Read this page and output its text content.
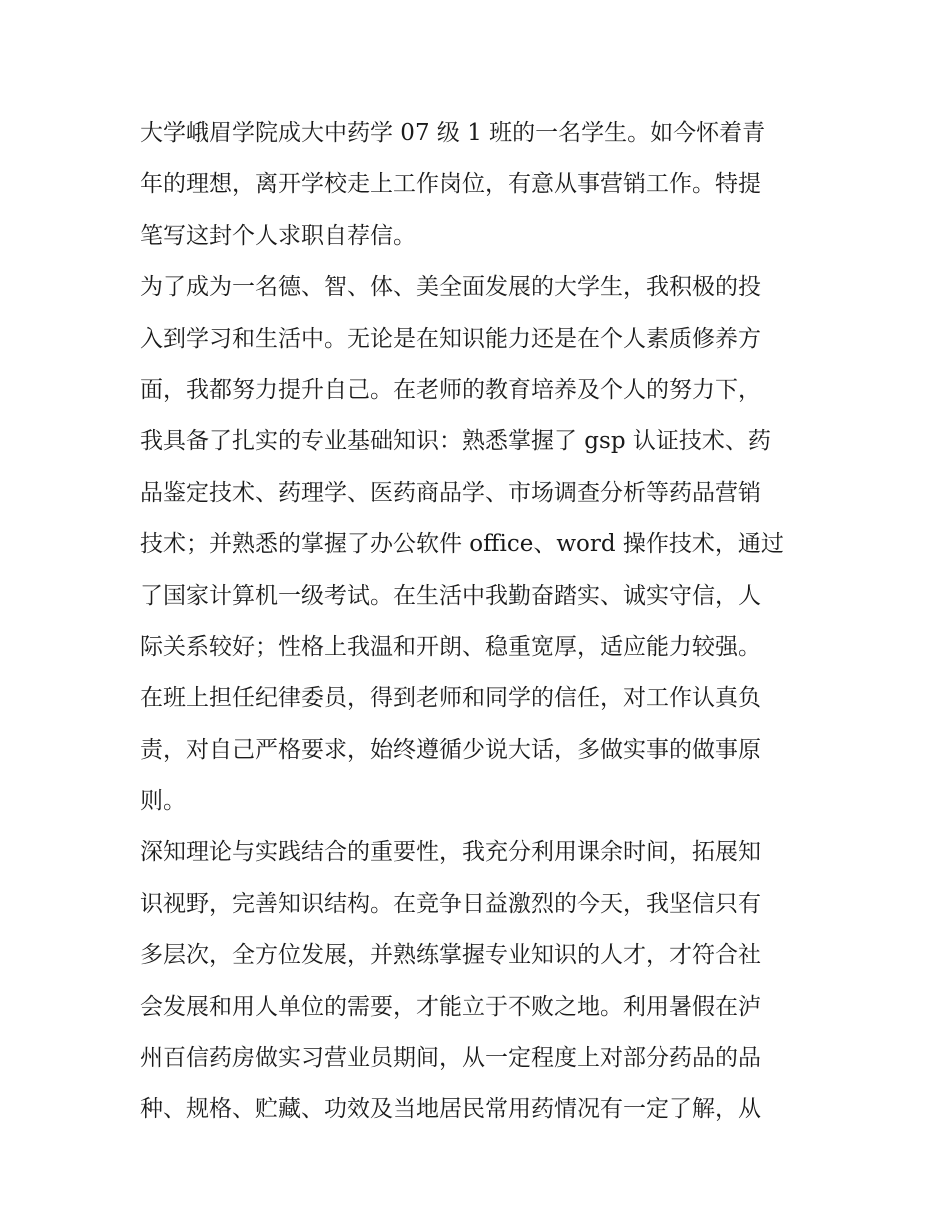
大学峨眉学院成大中药学 07 级 1 班的一名学生。如今怀着青
年的理想，离开学校走上工作岗位，有意从事营销工作。特提
笔写这封个人求职自荐信。
为了成为一名德、智、体、美全面发展的大学生，我积极的投
入到学习和生活中。无论是在知识能力还是在个人素质修养方
面，我都努力提升自己。在老师的教育培养及个人的努力下，
我具备了扎实的专业基础知识：熟悉掌握了 gsp 认证技术、药
品鉴定技术、药理学、医药商品学、市场调查分析等药品营销
技术；并熟悉的掌握了办公软件 office、word 操作技术，通过
了国家计算机一级考试。在生活中我勤奋踏实、诚实守信，人
际关系较好；性格上我温和开朗、稳重宽厚，适应能力较强。
在班上担任纪律委员，得到老师和同学的信任，对工作认真负
责，对自己严格要求，始终遵循少说大话，多做实事的做事原
则。
深知理论与实践结合的重要性，我充分利用课余时间，拓展知
识视野，完善知识结构。在竞争日益激烈的今天，我坚信只有
多层次，全方位发展，并熟练掌握专业知识的人才，才符合社
会发展和用人单位的需要，才能立于不败之地。利用暑假在泸
州百信药房做实习营业员期间，从一定程度上对部分药品的品
种、规格、贮藏、功效及当地居民常用药情况有一定了解，从
